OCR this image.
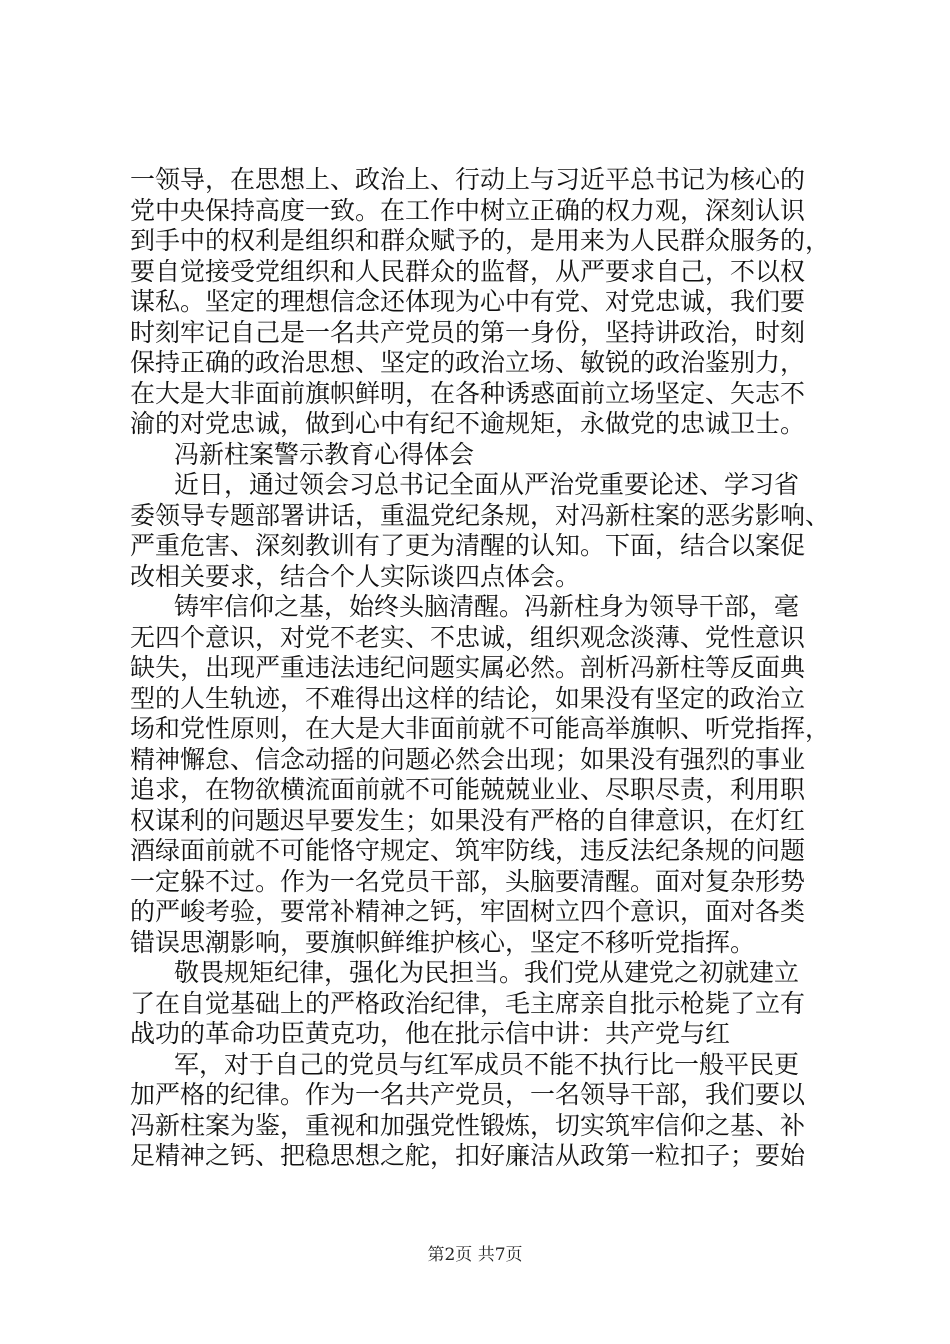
一领导，在思想上、政治上、行动上与习近平总书记为核心的
党中央保持高度一致。在工作中树立正确的权力观，深刻认识
到手中的权利是组织和群众赋予的，是用来为人民群众服务的，
要自觉接受党组织和人民群众的监督，从严要求自己，不以权
谋私。坚定的理想信念还体现为心中有党、对党忠诚，我们要
时刻牢记自己是一名共产党员的第一身份，坚持讲政治，时刻
保持正确的政治思想、坚定的政治立场、敏锐的政治鉴别力，
在大是大非面前旗帜鲜明，在各种诱惑面前立场坚定、矢志不
渝的对党忠诚，做到心中有纪不逾规矩，永做党的忠诚卫士。
冯新柱案警示教育心得体会
近日，通过领会习总书记全面从严治党重要论述、学习省
委领导专题部署讲话，重温党纪条规，对冯新柱案的恶劣影响、
严重危害、深刻教训有了更为清醒的认知。下面，结合以案促
改相关要求，结合个人实际谈四点体会。
铸牢信仰之基，始终头脑清醒。冯新柱身为领导干部，毫
无四个意识，对党不老实、不忠诚，组织观念淡薄、党性意识
缺失，出现严重违法违纪问题实属必然。剖析冯新柱等反面典
型的人生轨迹，不难得出这样的结论，如果没有坚定的政治立
场和党性原则，在大是大非面前就不可能高举旗帜、听党指挥，
精神懈怠、信念动摇的问题必然会出现；如果没有强烈的事业
追求，在物欲横流面前就不可能兢兢业业、尽职尽责，利用职
权谋利的问题迟早要发生；如果没有严格的自律意识，在灯红
酒绿面前就不可能恪守规定、筑牢防线，违反法纪条规的问题
一定躲不过。作为一名党员干部，头脑要清醒。面对复杂形势
的严峻考验，要常补精神之钙，牢固树立四个意识，面对各类
错误思潮影响，要旗帜鲜维护核心，坚定不移听党指挥。
敬畏规矩纪律，强化为民担当。我们党从建党之初就建立
了在自觉基础上的严格政治纪律，毛主席亲自批示枪毙了立有
战功的革命功臣黄克功，他在批示信中讲：共产党与红
军，对于自己的党员与红军成员不能不执行比一般平民更
加严格的纪律。作为一名共产党员，一名领导干部，我们要以
冯新柱案为鉴，重视和加强党性锻炼，切实筑牢信仰之基、补
足精神之钙、把稳思想之舵，扣好廉洁从政第一粒扣子；要始
第2页 共7页
